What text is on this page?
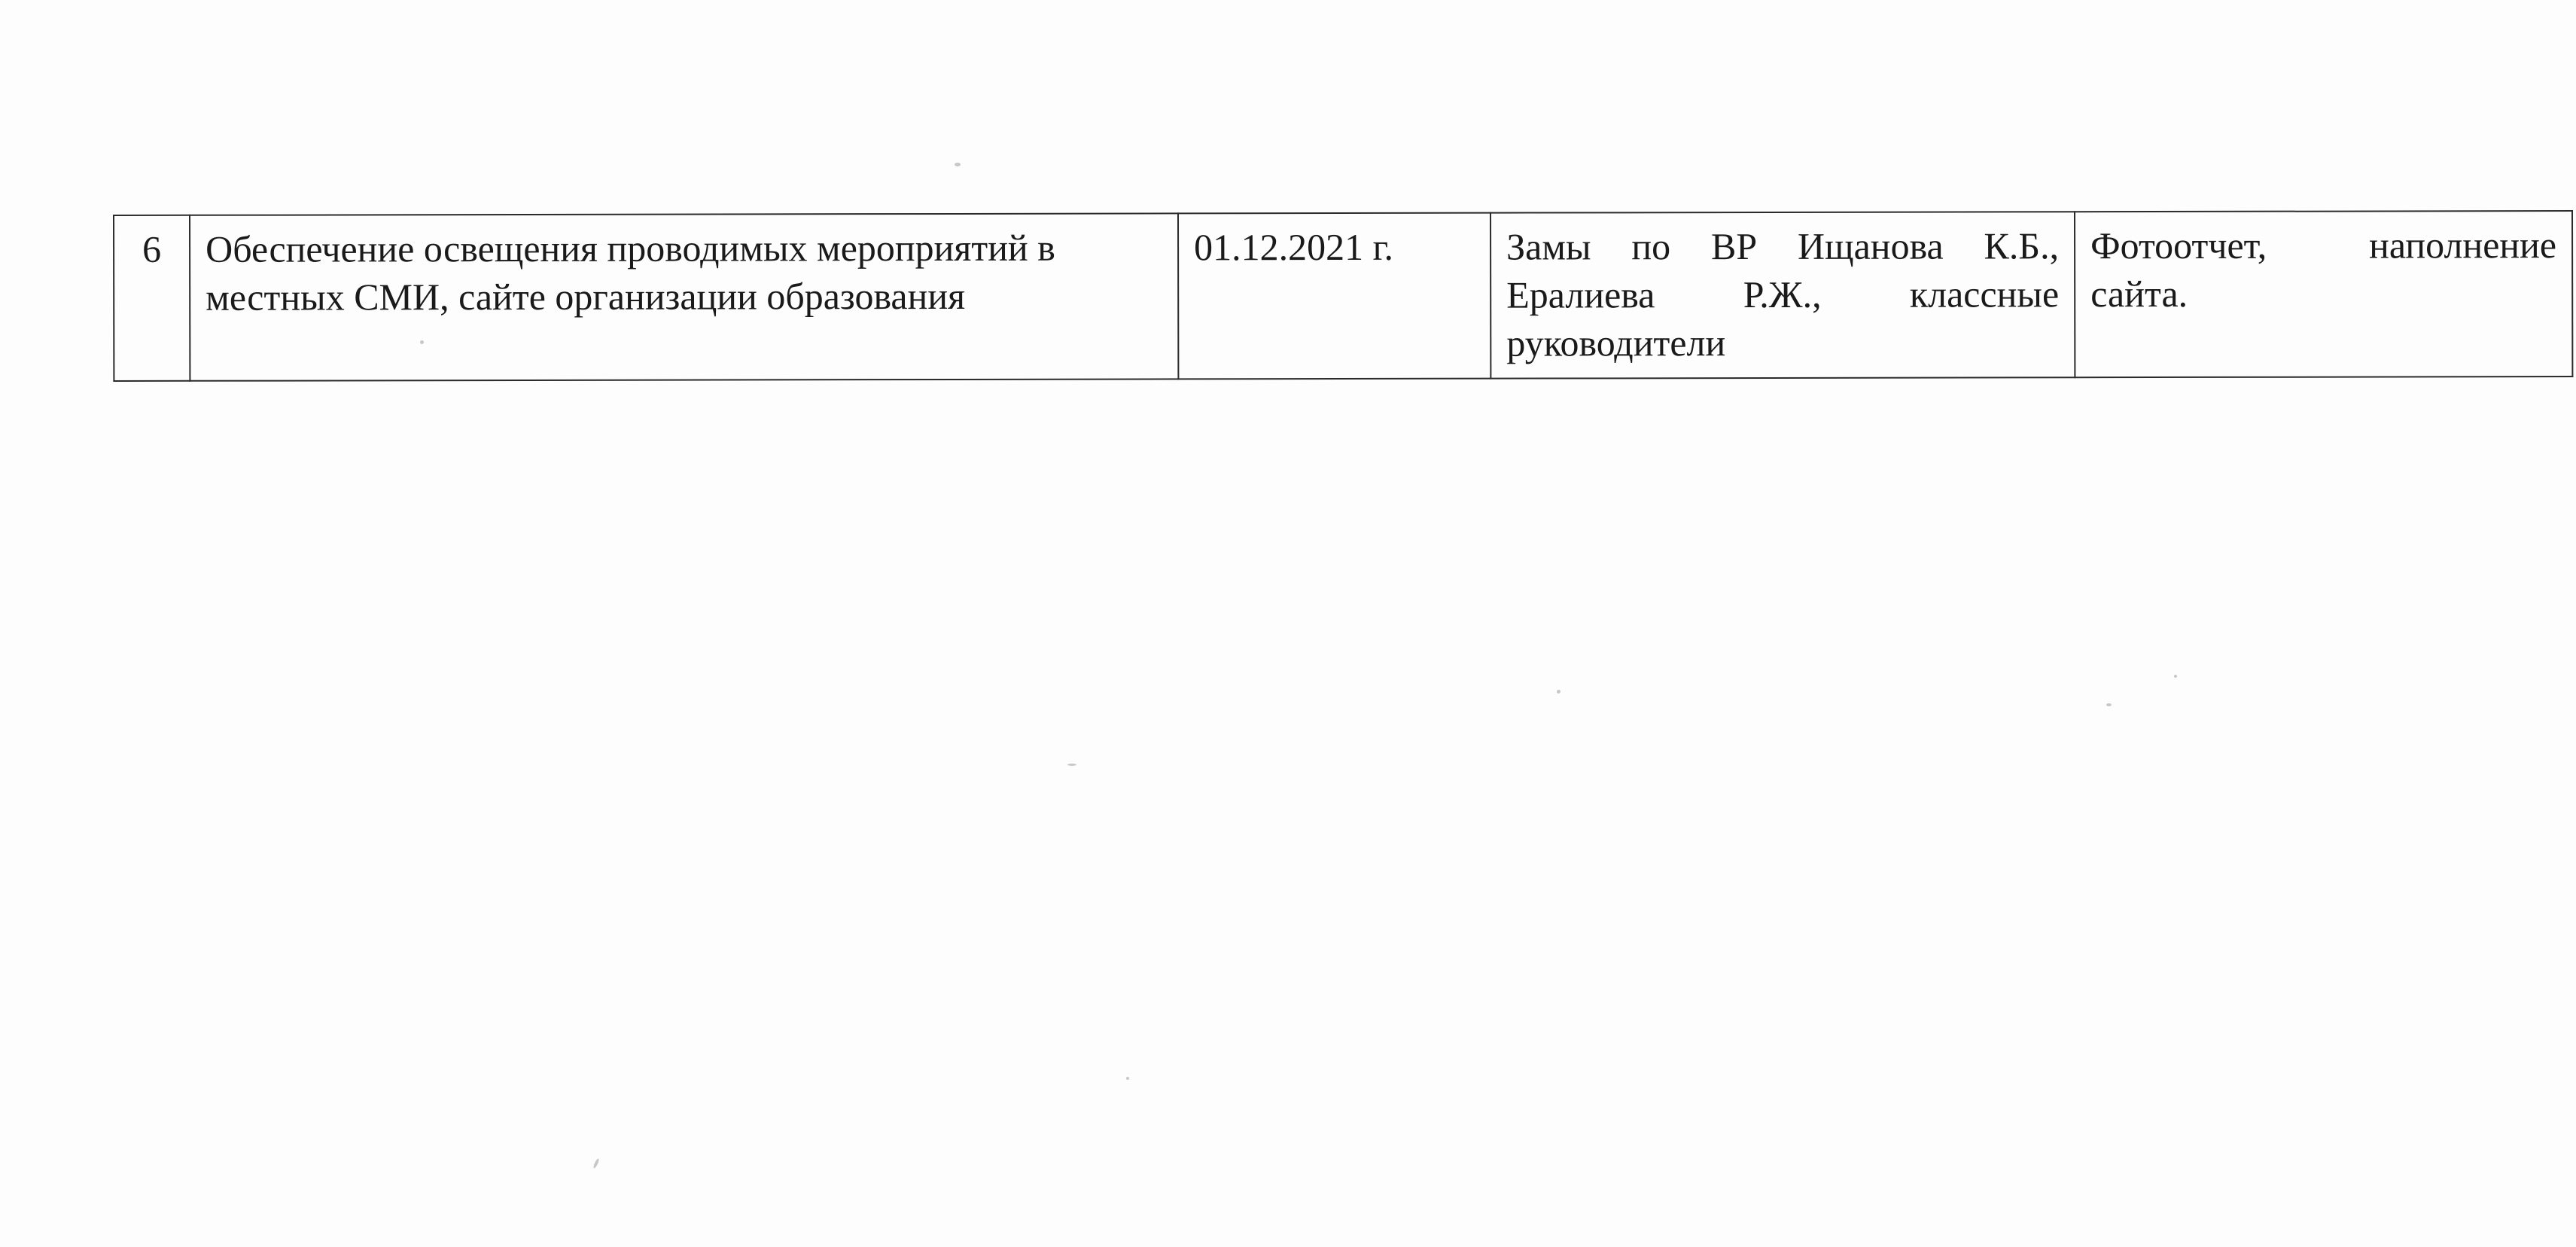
6	Обеспечение освещения проводимых мероприятий в местных СМИ, сайте организации образования	01.12.2021 г.	Замы по ВР Ищанова К.Б., Ералиева Р.Ж., классные руководители	Фотоотчет, наполнение сайта.
